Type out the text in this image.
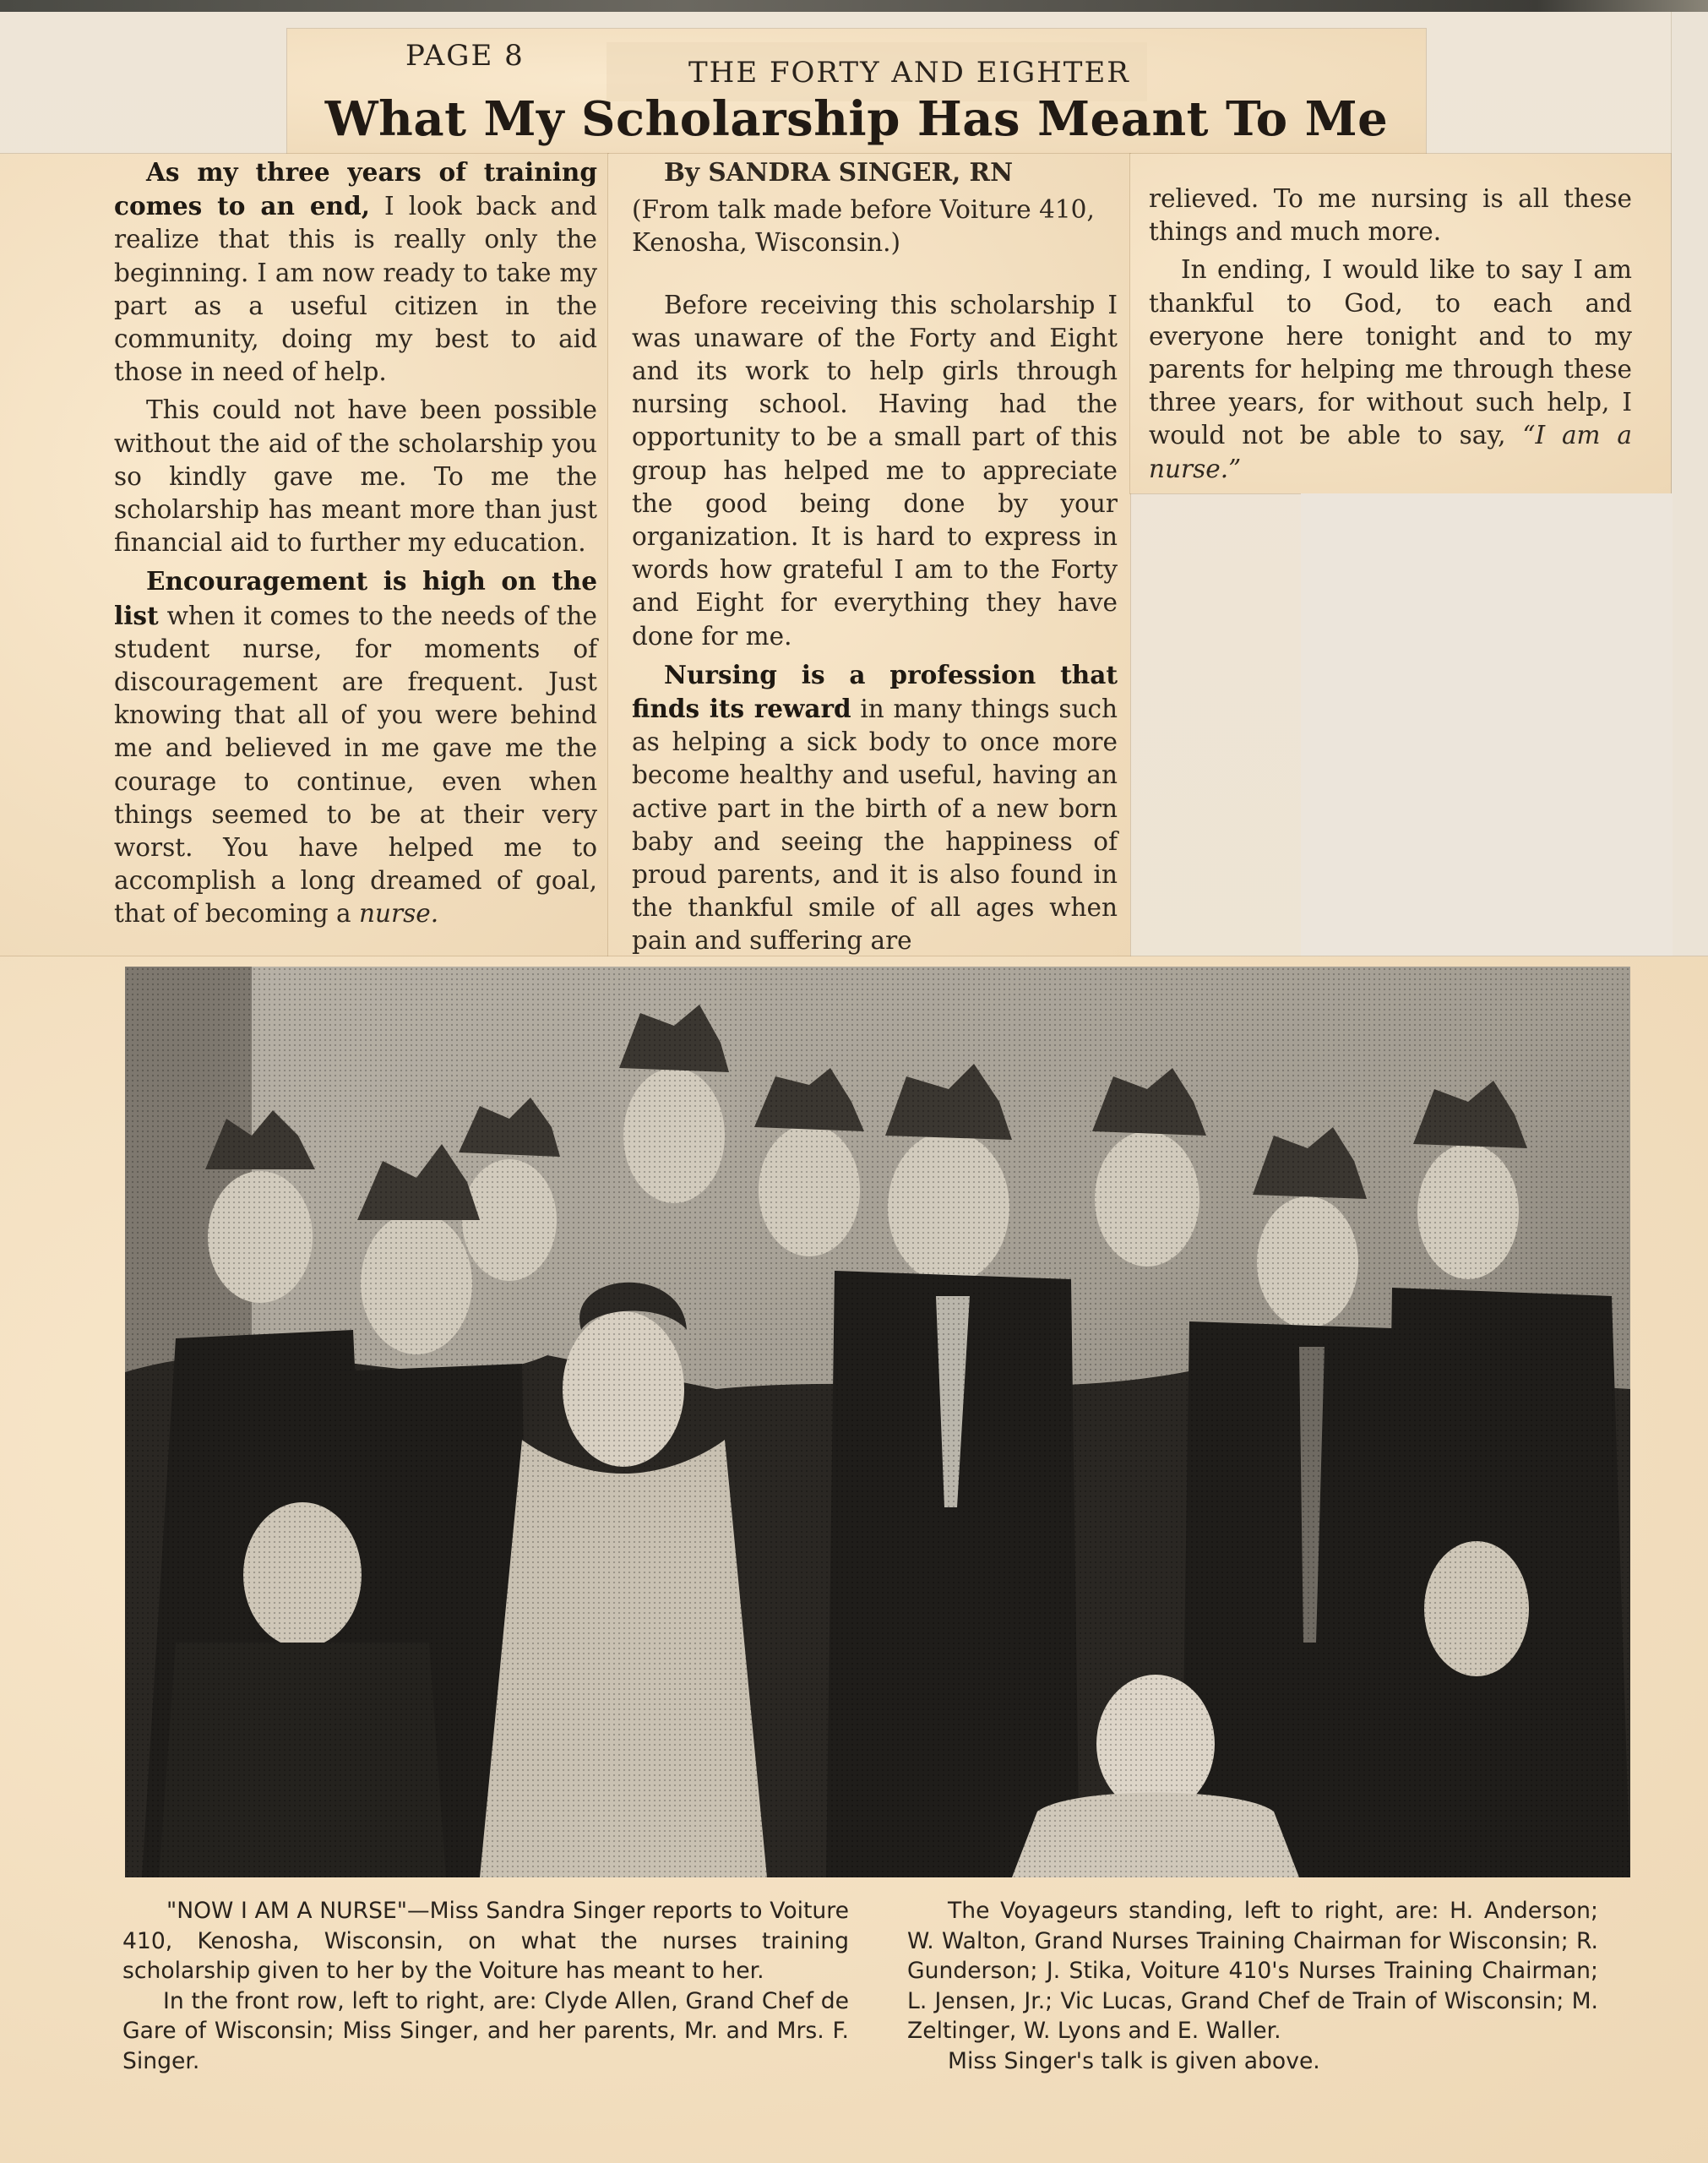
PAGE 8	THE FORTY AND EIGHTER
What My Scholarship Has Meant To Me

As my three years of training comes to an end, I look back and realize that this is really only the beginning. I am now ready to take my part as a useful citizen in the community, doing my best to aid those in need of help.

This could not have been possible without the aid of the scholarship you so kindly gave me. To me the scholarship has meant more than just financial aid to further my education.

Encouragement is high on the list when it comes to the needs of the student nurse, for moments of discouragement are frequent. Just knowing that all of you were behind me and believed in me gave me the courage to continue, even when things seemed to be at their very worst. You have helped me to accomplish a long dreamed of goal, that of becoming a nurse.

By SANDRA SINGER, RN

(From talk made before Voiture 410, Kenosha, Wisconsin.)

Before receiving this scholarship I was unaware of the Forty and Eight and its work to help girls through nursing school. Having had the opportunity to be a small part of this group has helped me to appreciate the good being done by your organization. It is hard to express in words how grateful I am to the Forty and Eight for everything they have done for me.

Nursing is a profession that finds its reward in many things such as helping a sick body to once more become healthy and useful, having an active part in the birth of a new born baby and seeing the happiness of proud parents, and it is also found in the thankful smile of all ages when pain and suffering are

relieved. To me nursing is all these things and much more.

In ending, I would like to say I am thankful to God, to each and everyone here tonight and to my parents for helping me through these three years, for without such help, I would not be able to say, “I am a nurse.”

"NOW I AM A NURSE"—Miss Sandra Singer reports to Voiture 410, Kenosha, Wisconsin, on what the nurses training scholarship given to her by the Voiture has meant to her.

In the front row, left to right, are: Clyde Allen, Grand Chef de Gare of Wisconsin; Miss Singer, and her parents, Mr. and Mrs. F. Singer.

The Voyageurs standing, left to right, are: H. Anderson; W. Walton, Grand Nurses Training Chairman for Wisconsin; R. Gunderson; J. Stika, Voiture 410's Nurses Training Chairman; L. Jensen, Jr.; Vic Lucas, Grand Chef de Train of Wisconsin; M. Zeltinger, W. Lyons and E. Waller.

Miss Singer's talk is given above.
